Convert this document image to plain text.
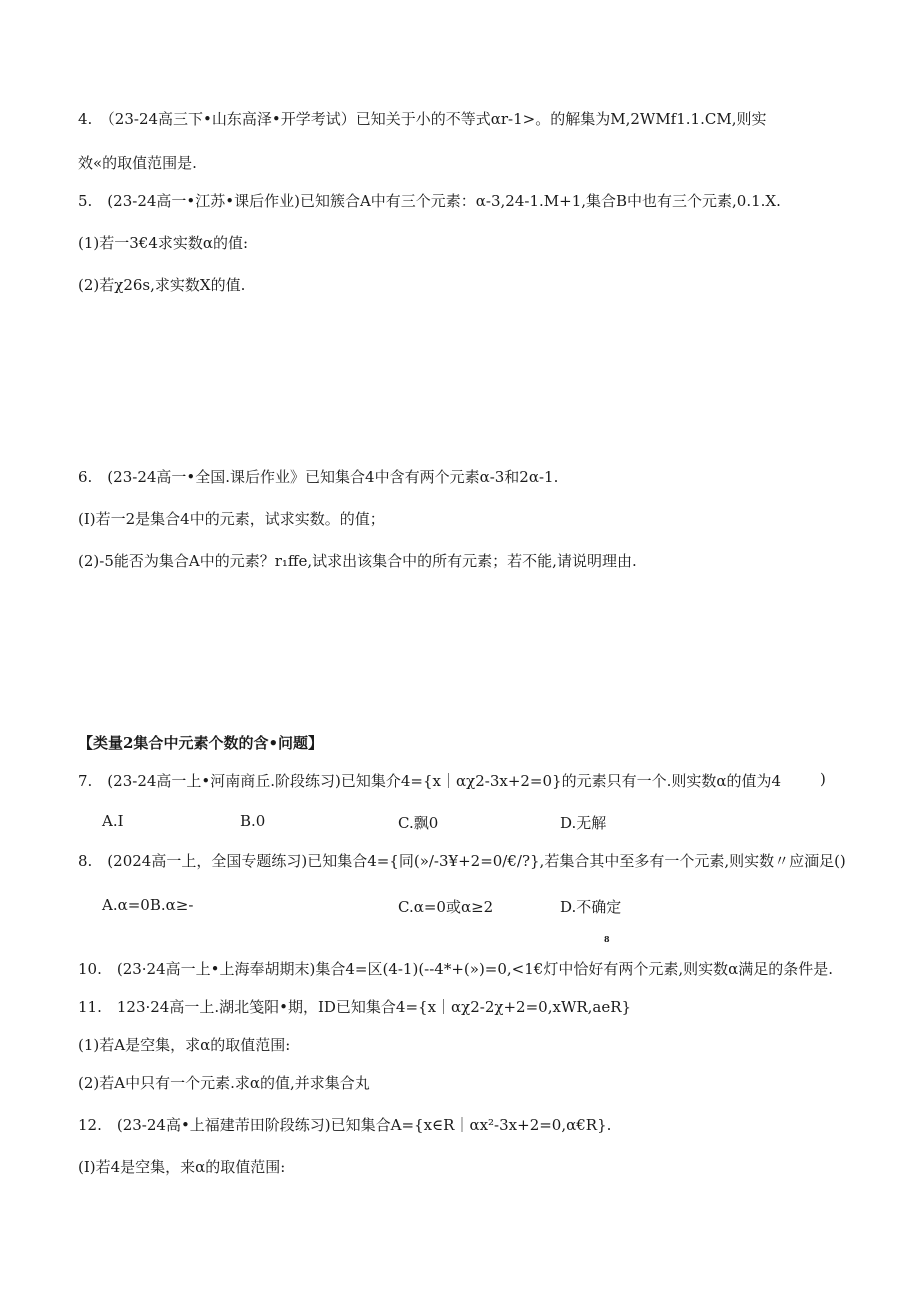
4.　（23-24高三下•山东高泽•开学考试）已知关于小的不等式αr-1>。的解集为M,2WMf1.1.CM,则实
效«的取值范围是.
5.　(23-24高一•江苏•课后作业)已知簇合A中有三个元素：α-3,24-1.M+1,集合B中也有三个元素,0.1.X.
(1)若一3€4求实数α的值:
(2)若χ26s,求实数X的值.
6.　(23-24高一•全国.课后作业》已知集合4中含有两个元素α-3和2α-1.
(I)若一2是集合4中的元素，试求实数。的值；
(2)-5能否为集合A中的元素？r₁ffe,试求出该集合中的所有元素；若不能,请说明理由.
【类量2集合中元素个数的含•问题】
7.　(23-24高一上•河南商丘.阶段练习)已知集介4={x｜αχ2-3x+2=0}的元素只有一个.则实数α的值为4	)
A.I	B.0	C.飘0	D.无解
8.　(2024高一上，全国专题练习)已知集合4={同(»/-3¥+2=0/€/?},若集合其中至多有一个元素,则实数〃应湎足()
A.α=0B.α≥-	C.α=0或α≥2	D.不确定
8
10.　(23·24高一上•上海奉胡期末)集合4=区(4-1)(--4*+(»)=0,<1€灯中恰好有两个元素,则实数α满足的条件是.
11.　123·24高一上.湖北笺阳•期，ID已知集合4={x｜αχ2-2χ+2=0,xWR,aeR}
(1)若A是空集，求α的取值范围:
(2)若A中只有一个元素.求α的值,并求集合丸
12.　(23-24高•上福建芾田阶段练习)已知集合A={x∈R｜αx²-3x+2=0,α€R}.
(I)若4是空集，来α的取值范围:
